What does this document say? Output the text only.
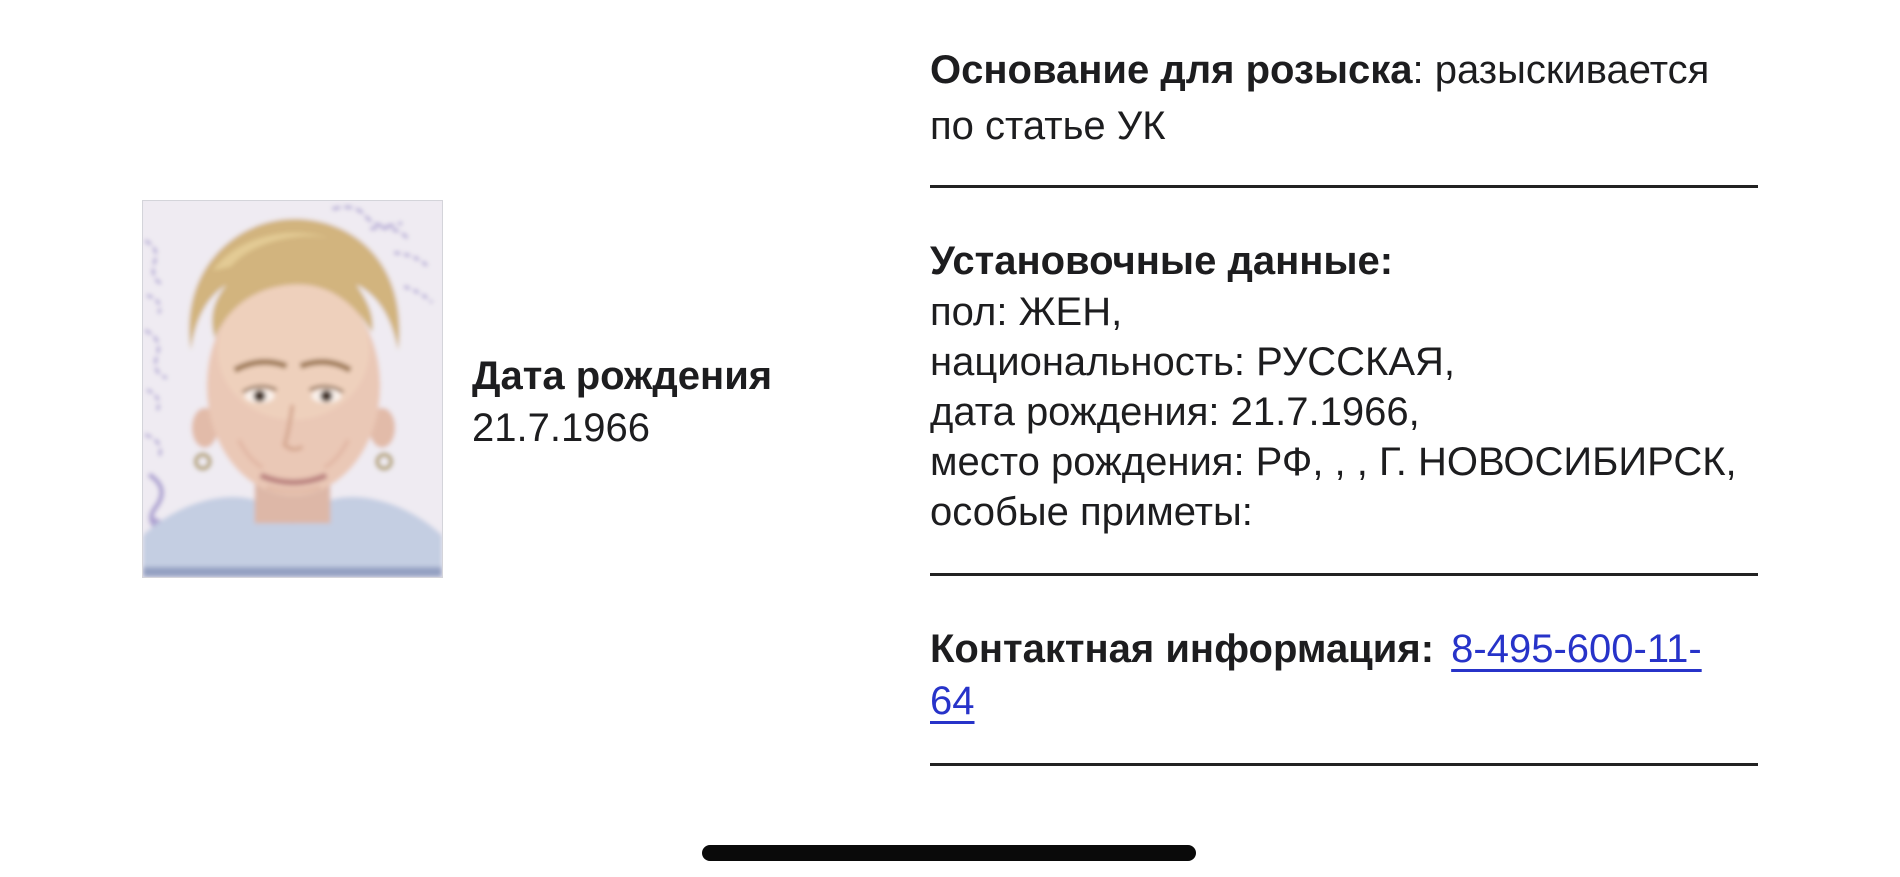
Дата рождения
21.7.1966

Основание для розыска: разыскивается
по статье УК

Установочные данные:

пол: ЖЕН,
национальность: РУССКАЯ,
дата рождения: 21.7.1966,
место рождения: РФ, , , Г. НОВОСИБИРСК,
особые приметы:

Контактная информация: 8-495-600-11-
64
